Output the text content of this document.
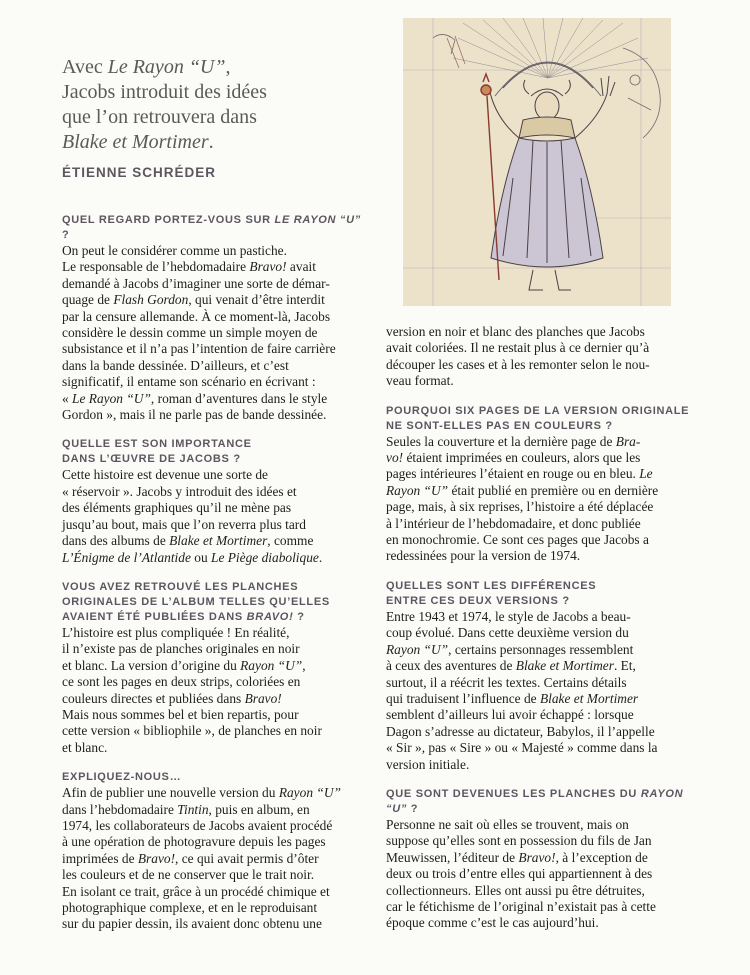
Avec Le Rayon “U”,
Jacobs introduit des idées
que l’on retrouvera dans
Blake et Mortimer.
ÉTIENNE SCHRÉDER
QUEL REGARD PORTEZ-VOUS SUR LE RAYON “U” ?
On peut le considérer comme un pastiche.
Le responsable de l’hebdomadaire Bravo! avait
demandé à Jacobs d’imaginer une sorte de démar-
quage de Flash Gordon, qui venait d’être interdit
par la censure allemande. À ce moment-là, Jacobs
considère le dessin comme un simple moyen de
subsistance et il n’a pas l’intention de faire carrière
dans la bande dessinée. D’ailleurs, et c’est
significatif, il entame son scénario en écrivant :
« Le Rayon “U”, roman d’aventures dans le style
Gordon », mais il ne parle pas de bande dessinée.
QUELLE EST SON IMPORTANCE
DANS L’ŒUVRE DE JACOBS ?
Cette histoire est devenue une sorte de
« réservoir ». Jacobs y introduit des idées et
des éléments graphiques qu’il ne mène pas
jusqu’au bout, mais que l’on reverra plus tard
dans des albums de Blake et Mortimer, comme
L’Énigme de l’Atlantide ou Le Piège diabolique.
VOUS AVEZ RETROUVÉ LES PLANCHES
ORIGINALES DE L’ALBUM TELLES QU’ELLES
AVAIENT ÉTÉ PUBLIÉES DANS BRAVO! ?
L’histoire est plus compliquée ! En réalité,
il n’existe pas de planches originales en noir
et blanc. La version d’origine du Rayon “U”,
ce sont les pages en deux strips, coloriées en
couleurs directes et publiées dans Bravo!
Mais nous sommes bel et bien repartis, pour
cette version « bibliophile », de planches en noir
et blanc.
EXPLIQUEZ-NOUS…
Afin de publier une nouvelle version du Rayon “U”
dans l’hebdomadaire Tintin, puis en album, en
1974, les collaborateurs de Jacobs avaient procédé
à une opération de photogravure depuis les pages
imprimées de Bravo!, ce qui avait permis d’ôter
les couleurs et de ne conserver que le trait noir.
En isolant ce trait, grâce à un procédé chimique et
photographique complexe, et en le reproduisant
sur du papier dessin, ils avaient donc obtenu une
version en noir et blanc des planches que Jacobs
avait coloriées. Il ne restait plus à ce dernier qu’à
découper les cases et à les remonter selon le nou-
veau format.
POURQUOI SIX PAGES DE LA VERSION ORIGINALE
NE SONT-ELLES PAS EN COULEURS ?
Seules la couverture et la dernière page de Bra-
vo! étaient imprimées en couleurs, alors que les
pages intérieures l’étaient en rouge ou en bleu. Le
Rayon “U” était publié en première ou en dernière
page, mais, à six reprises, l’histoire a été déplacée
à l’intérieur de l’hebdomadaire, et donc publiée
en monochromie. Ce sont ces pages que Jacobs a
redessinées pour la version de 1974.
QUELLES SONT LES DIFFÉRENCES
ENTRE CES DEUX VERSIONS ?
Entre 1943 et 1974, le style de Jacobs a beau-
coup évolué. Dans cette deuxième version du
Rayon “U”, certains personnages ressemblent
à ceux des aventures de Blake et Mortimer. Et,
surtout, il a réécrit les textes. Certains détails
qui traduisent l’influence de Blake et Mortimer
semblent d’ailleurs lui avoir échappé : lorsque
Dagon s’adresse au dictateur, Babylos, il l’appelle
« Sir », pas « Sire » ou « Majesté » comme dans la
version initiale.
QUE SONT DEVENUES LES PLANCHES DU RAYON “U” ?
Personne ne sait où elles se trouvent, mais on
suppose qu’elles sont en possession du fils de Jan
Meuwissen, l’éditeur de Bravo!, à l’exception de
deux ou trois d’entre elles qui appartiennent à des
collectionneurs. Elles ont aussi pu être détruites,
car le fétichisme de l’original n’existait pas à cette
époque comme c’est le cas aujourd’hui.
